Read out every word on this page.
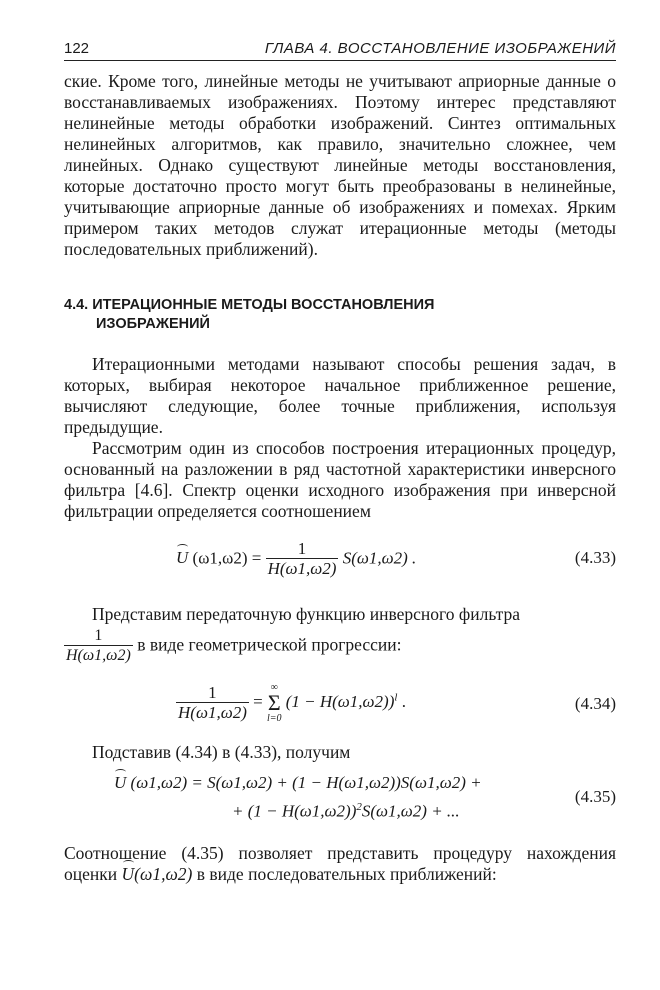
122	ГЛАВА 4. ВОССТАНОВЛЕНИЕ ИЗОБРАЖЕНИЙ

ские. Кроме того, линейные методы не учитывают априорные данные о восстанавливаемых изображениях. Поэтому интерес представляют нелинейные методы обработки изображений. Синтез оптимальных нелинейных алгоритмов, как правило, значительно сложнее, чем линейных. Однако существуют линейные методы восстановления, которые достаточно просто могут быть преобразованы в нелинейные, учитывающие априорные данные об изображениях и помехах. Ярким примером таких методов служат итерационные методы (методы последовательных приближений).

4.4. ИТЕРАЦИОННЫЕ МЕТОДЫ ВОССТАНОВЛЕНИЯ
ИЗОБРАЖЕНИЙ

Итерационными методами называют способы решения задач, в которых, выбирая некоторое начальное приближенное решение, вычисляют следующие, более точные приближения, используя предыдущие.

Рассмотрим один из способов построения итерационных процедур, основанный на разложении в ряд частотной характеристики инверсного фильтра [4.6]. Спектр оценки исходного изображения при инверсной фильтрации определяется соотношением

U $(\omega 1,\omega 2) = \frac{1}{H(\omega 1,\omega 2)} S(\omega 1,\omega 2)$ .	(4.33)

Представим передаточную функцию инверсного фильтра

$\frac{1}{H(\omega 1,\omega 2)}$ в виде геометрической прогрессии:

$\frac{1}{H(\omega 1,\omega 2)}$ =
∞
Σ
l=0
$(1 - H(\omega 1,\omega 2))^l$ .	(4.34)

Подставив (4.34) в (4.33), получим

U (ω1,ω2) = S(ω1,ω2) + (1 − H(ω1,ω2))S(ω1,ω2) +
+ $(1 - H(\omega 1,\omega 2))^2S(\omega 1,\omega 2)$ + ...
(4.35)

Соотношение (4.35) позволяет представить процедуру нахождения оценки U(ω1,ω2) в виде последовательных приближений:
